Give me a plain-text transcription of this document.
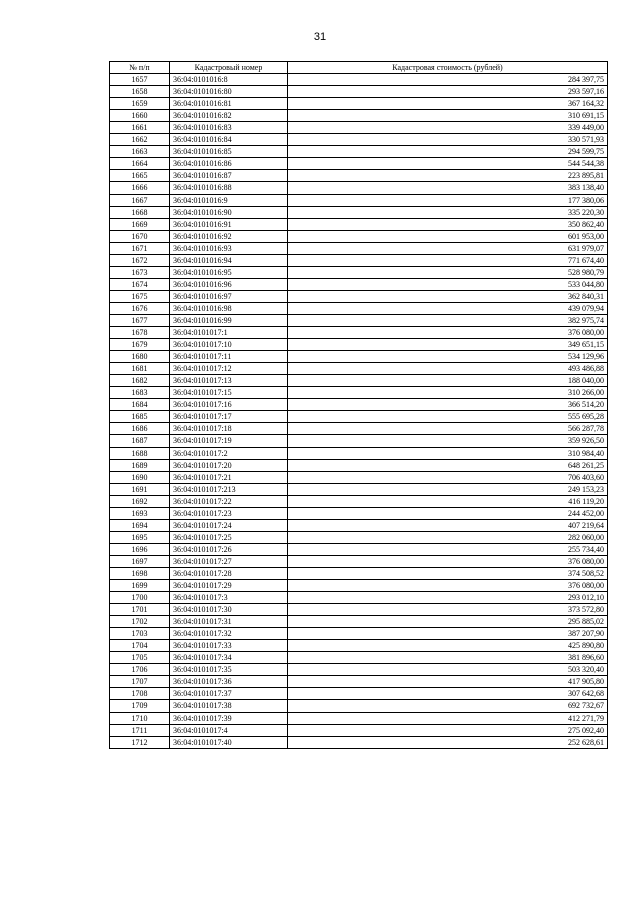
31
№ п/п	Кадастровый номер	Кадастровая стоимость (рублей)
1657	36:04:0101016:8	284 397,75
1658	36:04:0101016:80	293 597,16
1659	36:04:0101016:81	367 164,32
1660	36:04:0101016:82	310 691,15
1661	36:04:0101016:83	339 449,00
1662	36:04:0101016:84	330 571,93
1663	36:04:0101016:85	294 599,75
1664	36:04:0101016:86	544 544,38
1665	36:04:0101016:87	223 895,81
1666	36:04:0101016:88	383 138,40
1667	36:04:0101016:9	177 380,06
1668	36:04:0101016:90	335 220,30
1669	36:04:0101016:91	350 862,40
1670	36:04:0101016:92	601 953,00
1671	36:04:0101016:93	631 979,07
1672	36:04:0101016:94	771 674,40
1673	36:04:0101016:95	528 980,79
1674	36:04:0101016:96	533 044,80
1675	36:04:0101016:97	362 840,31
1676	36:04:0101016:98	439 079,94
1677	36:04:0101016:99	382 975,74
1678	36:04:0101017:1	376 080,00
1679	36:04:0101017:10	349 651,15
1680	36:04:0101017:11	534 129,96
1681	36:04:0101017:12	493 486,88
1682	36:04:0101017:13	188 040,00
1683	36:04:0101017:15	310 266,00
1684	36:04:0101017:16	366 514,20
1685	36:04:0101017:17	555 695,28
1686	36:04:0101017:18	566 287,78
1687	36:04:0101017:19	359 926,50
1688	36:04:0101017:2	310 984,40
1689	36:04:0101017:20	648 261,25
1690	36:04:0101017:21	706 403,60
1691	36:04:0101017:213	249 153,23
1692	36:04:0101017:22	416 119,20
1693	36:04:0101017:23	244 452,00
1694	36:04:0101017:24	407 219,64
1695	36:04:0101017:25	282 060,00
1696	36:04:0101017:26	255 734,40
1697	36:04:0101017:27	376 080,00
1698	36:04:0101017:28	374 508,52
1699	36:04:0101017:29	376 080,00
1700	36:04:0101017:3	293 012,10
1701	36:04:0101017:30	373 572,80
1702	36:04:0101017:31	295 885,02
1703	36:04:0101017:32	387 207,90
1704	36:04:0101017:33	425 890,80
1705	36:04:0101017:34	381 896,60
1706	36:04:0101017:35	503 320,40
1707	36:04:0101017:36	417 905,80
1708	36:04:0101017:37	307 642,68
1709	36:04:0101017:38	692 732,67
1710	36:04:0101017:39	412 271,79
1711	36:04:0101017:4	275 092,40
1712	36:04:0101017:40	252 628,61
